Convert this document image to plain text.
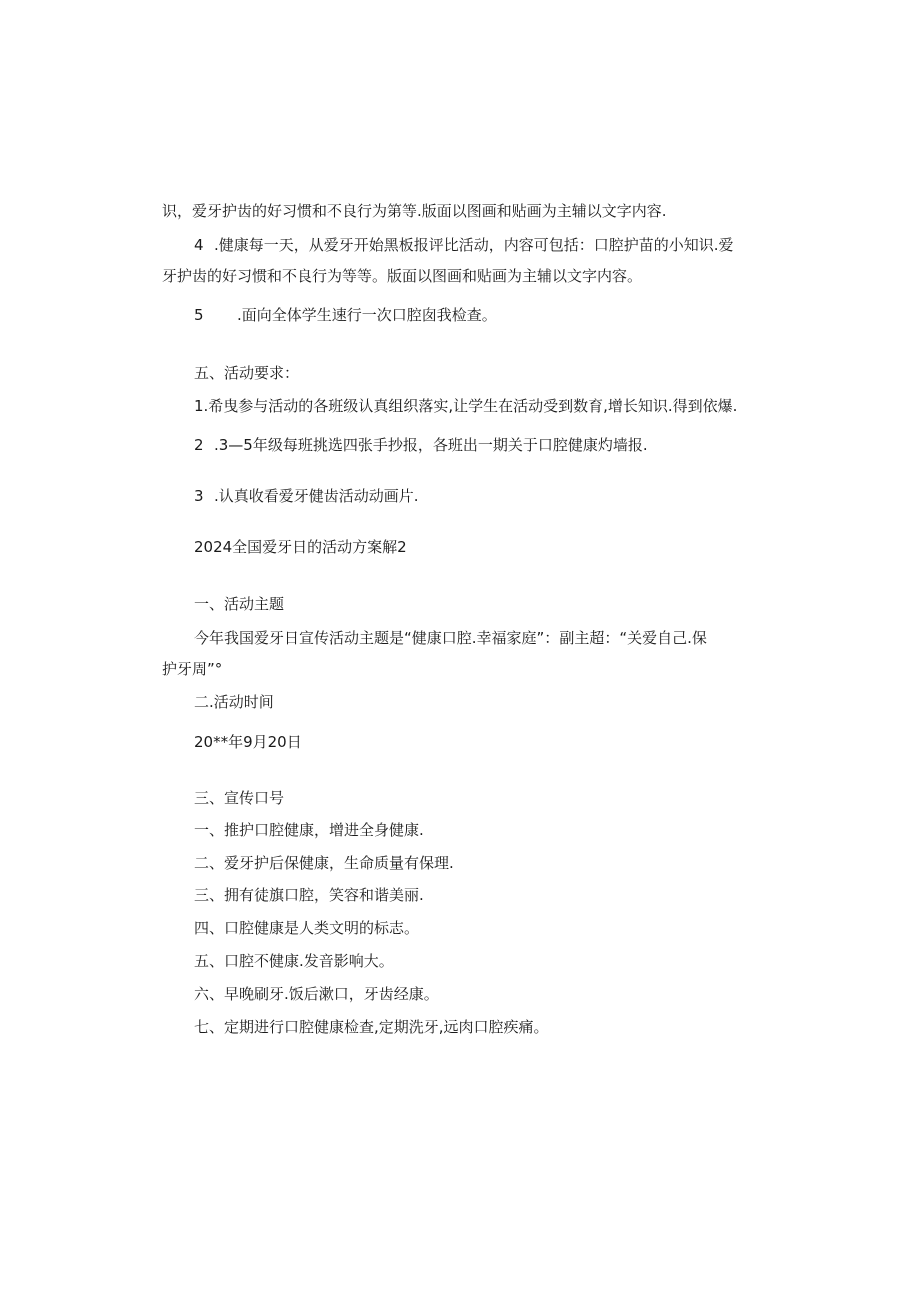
识，爱牙护齿的好习惯和不良行为第等.版面以图画和贴画为主辅以文字内容.
4 .健康每一天，从爱牙开始黑板报评比活动，内容可包括：口腔护苗的小知识.爱
牙护齿的好习惯和不良行为等等。版面以图画和贴画为主辅以文字内容。
5 .面向全体学生速行一次口腔囱我检查。
五、活动要求：
1.希曳参与活动的各班级认真组织落实,让学生在活动受到数育,增长知识.得到依爆.
2 .3—5年级每班挑选四张手抄报，各班出一期关于口腔健康灼墙报.
3 .认真收看爱牙健齿活动动画片.
2024全国爱牙日的活动方案解2
一、活动主题
今年我国爱牙日宣传活动主题是“健康口腔.幸福家庭”：副主超：“关爱自己.保
护牙周”°
二.活动时间
20**年9月20日
三、宣传口号
一、推护口腔健康，增进全身健康.
二、爱牙护后保健康，生命质量有保理.
三、拥有徒旗口腔，笑容和谐美丽.
四、口腔健康是人类文明的标志。
五、口腔不健康.发音影响大。
六、早晚刷牙.饭后漱口，牙齿经康。
七、定期进行口腔健康检查,定期洗牙,远肉口腔疾痛。
